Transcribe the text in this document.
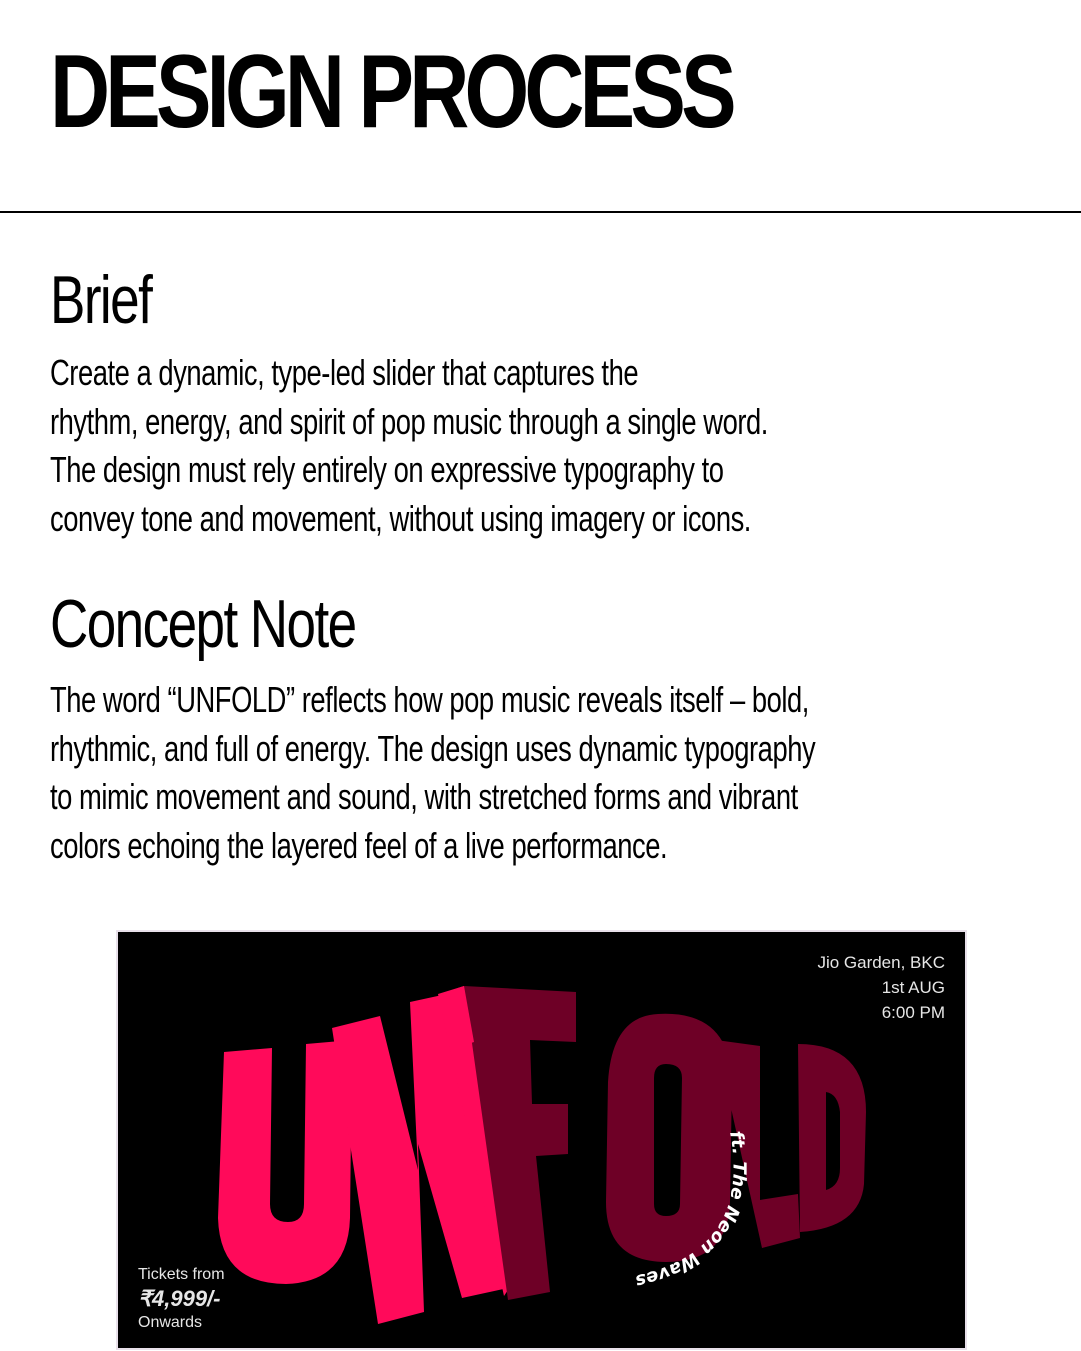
DESIGN PROCESS
Brief
Create a dynamic, type-led slider that captures the
rhythm, energy, and spirit of pop music through a single word.
The design must rely entirely on expressive typography to
convey tone and movement, without using imagery or icons.
Concept Note
The word “UNFOLD” reflects how pop music reveals itself – bold,
rhythmic, and full of energy. The design uses dynamic typography
to mimic movement and sound, with stretched forms and vibrant
colors echoing the layered feel of a live performance.
ft. The Neon Waves
Jio Garden, BKC
1st AUG
6:00 PM
Tickets from
₹4,999/-
Onwards
